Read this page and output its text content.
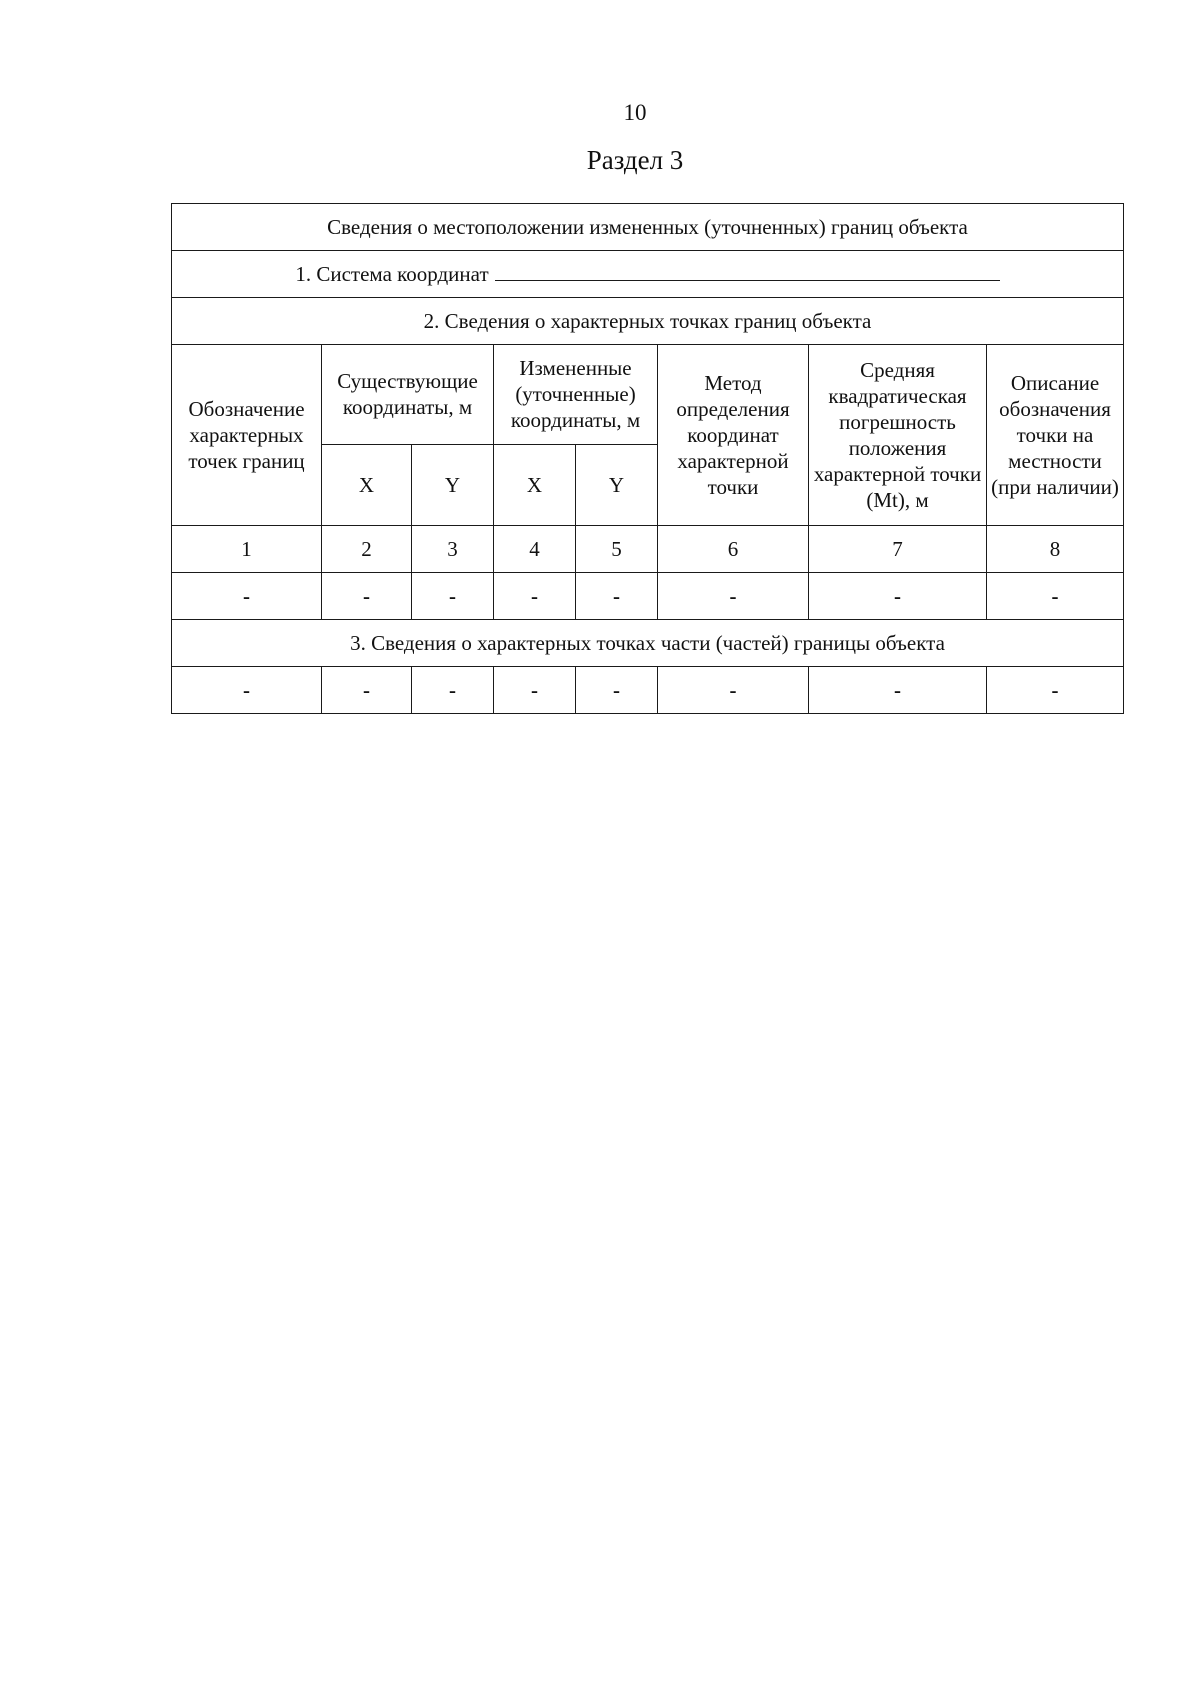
10
Раздел 3
Сведения о местоположении измененных (уточненных) границ объекта							
1. Система координат							
2. Сведения о характерных точках границ объекта							

Обозначение характерных точек границ	Существующие координаты, м		Измененные (уточненные) координаты, м		Метод определения координат характерной точки	Средняя квадратическая погрешность положения характерной точки (Mt), м	Описание обозначения точки на местности (при наличии)

	X	Y	X	Y			
1	2	3	4	5	6	7	8
-	-	-	-	-	-	-	-
3. Сведения о характерных точках части (частей) границы объекта							
-	-	-	-	-	-	-	-
